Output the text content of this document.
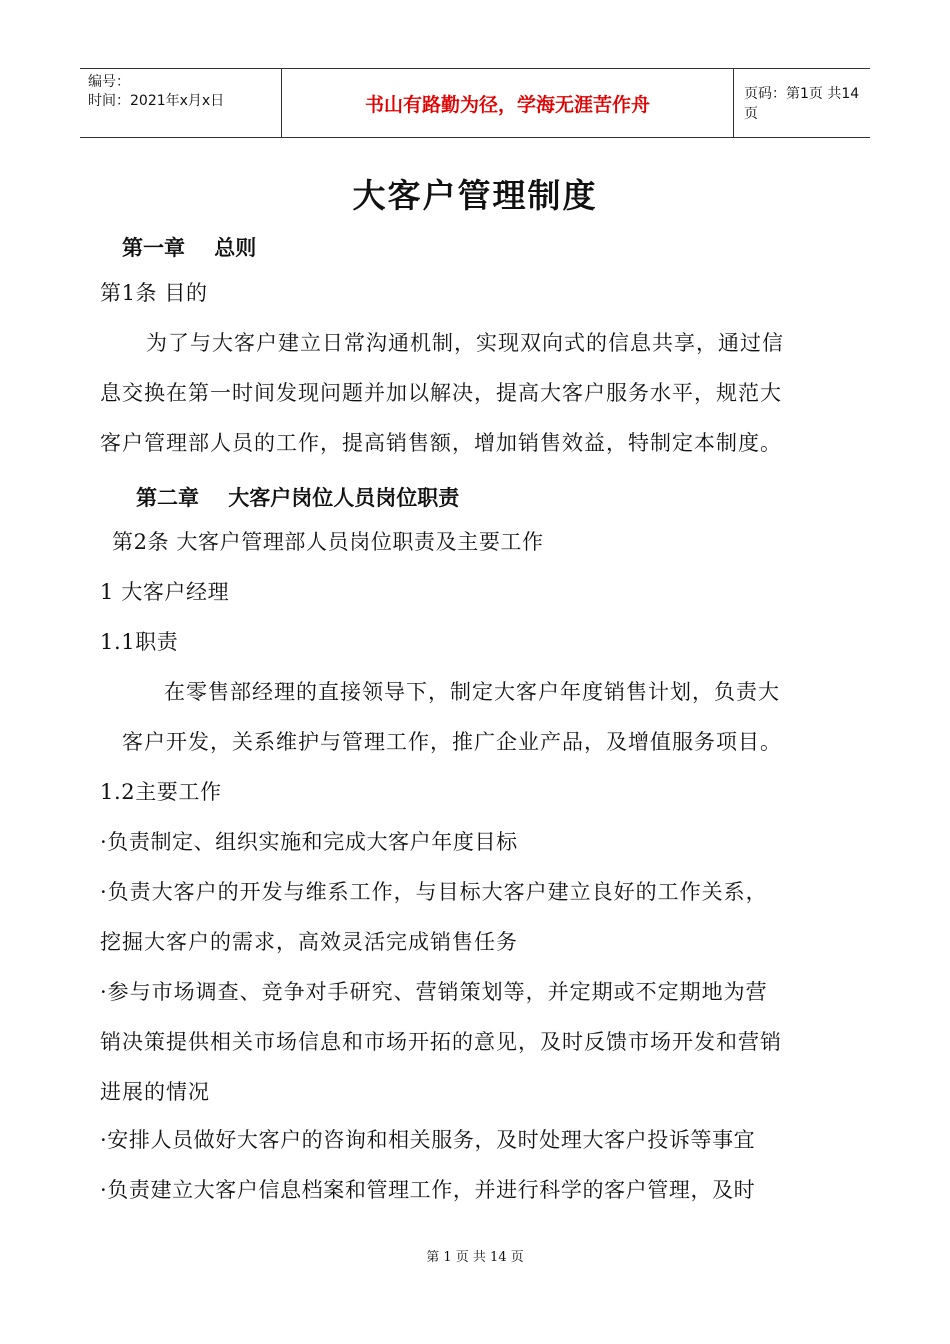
编号：
时间：2021年x月x日	书山有路勤为径，学海无涯苦作舟	页码：第1页 共14页
大客户管理制度
第一章    总则
第1条 目的
为了与大客户建立日常沟通机制，实现双向式的信息共享，通过信
息交换在第一时间发现问题并加以解决，提高大客户服务水平，规范大
客户管理部人员的工作，提高销售额，增加销售效益，特制定本制度。
第二章    大客户岗位人员岗位职责
第2条 大客户管理部人员岗位职责及主要工作
1 大客户经理
1.1职责
在零售部经理的直接领导下，制定大客户年度销售计划，负责大
客户开发，关系维护与管理工作，推广企业产品，及增值服务项目。
1.2主要工作
·负责制定、组织实施和完成大客户年度目标
·负责大客户的开发与维系工作，与目标大客户建立良好的工作关系，
挖掘大客户的需求，高效灵活完成销售任务
·参与市场调查、竞争对手研究、营销策划等，并定期或不定期地为营
销决策提供相关市场信息和市场开拓的意见，及时反馈市场开发和营销
进展的情况
·安排人员做好大客户的咨询和相关服务，及时处理大客户投诉等事宜
·负责建立大客户信息档案和管理工作，并进行科学的客户管理，及时
第 1 页 共 14 页
